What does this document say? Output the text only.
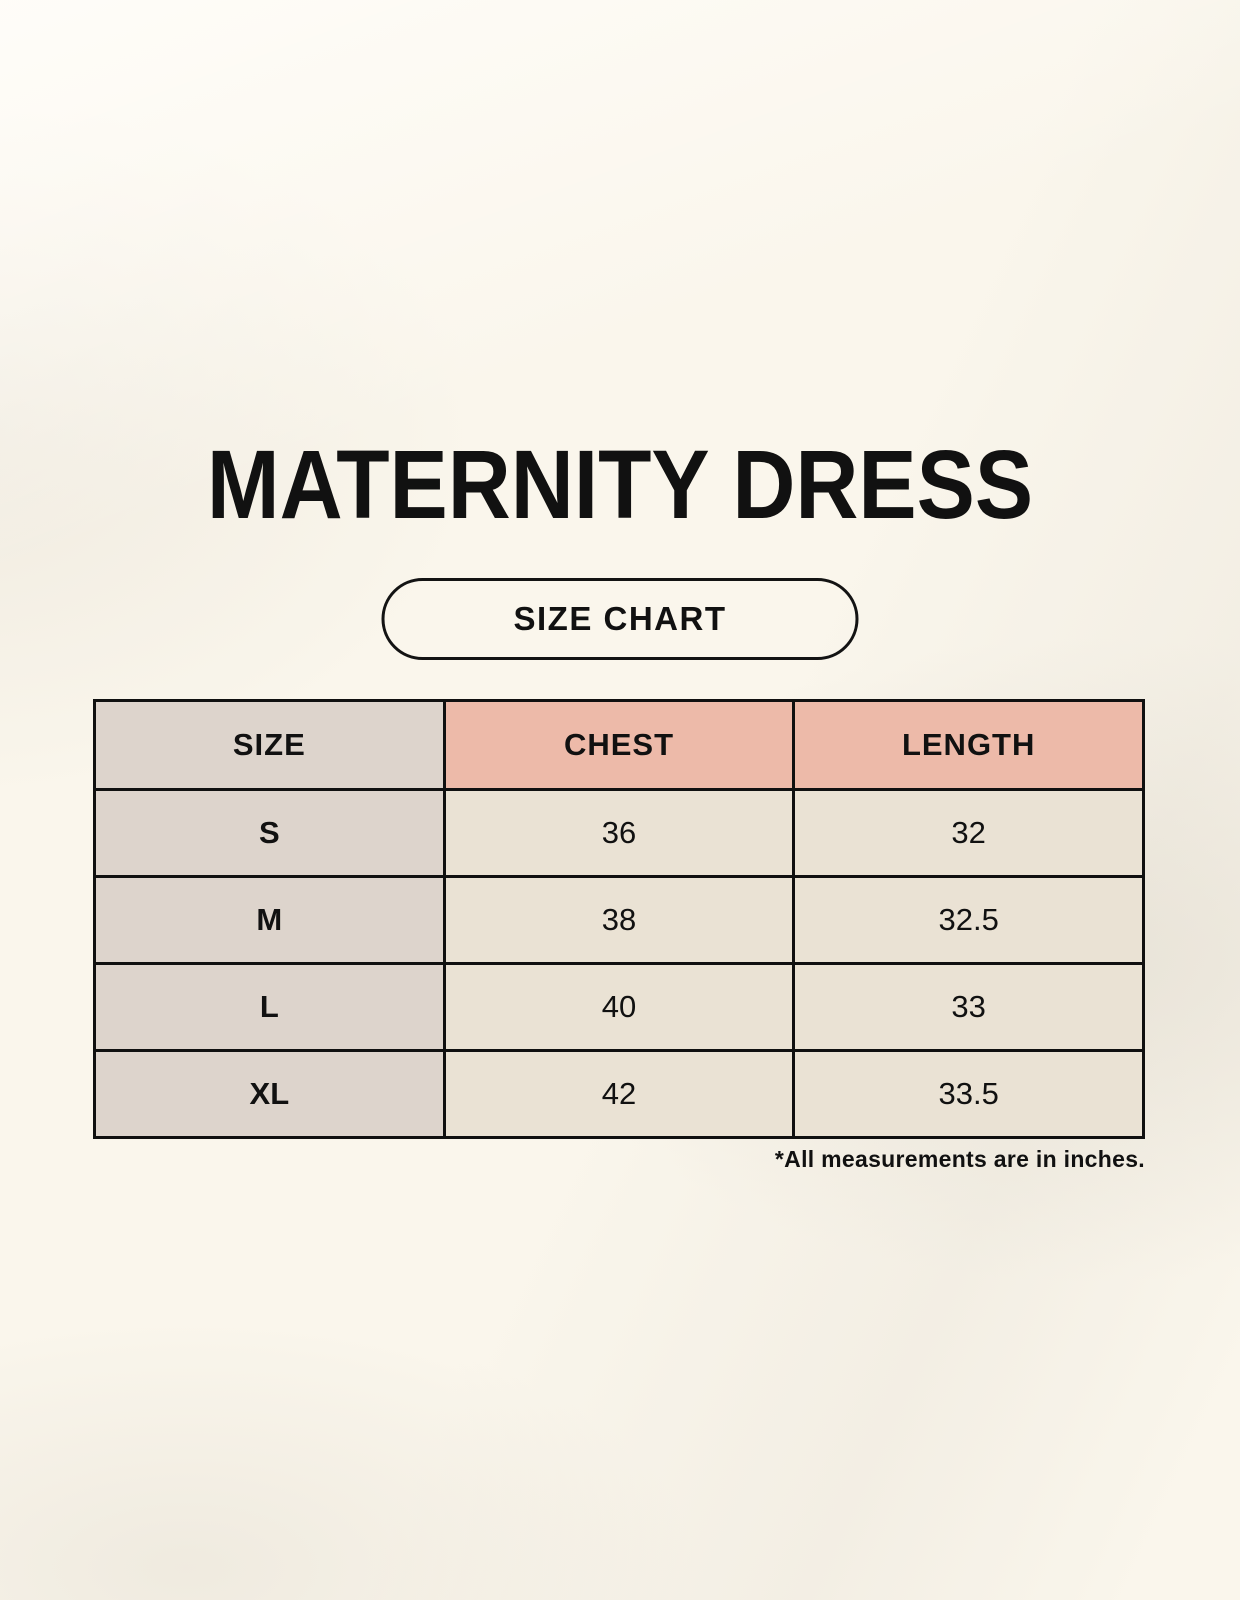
MATERNITY DRESS
SIZE CHART
SIZE	CHEST	LENGTH
S	36	32
M	38	32.5
L	40	33
XL	42	33.5
*All measurements are in inches.
